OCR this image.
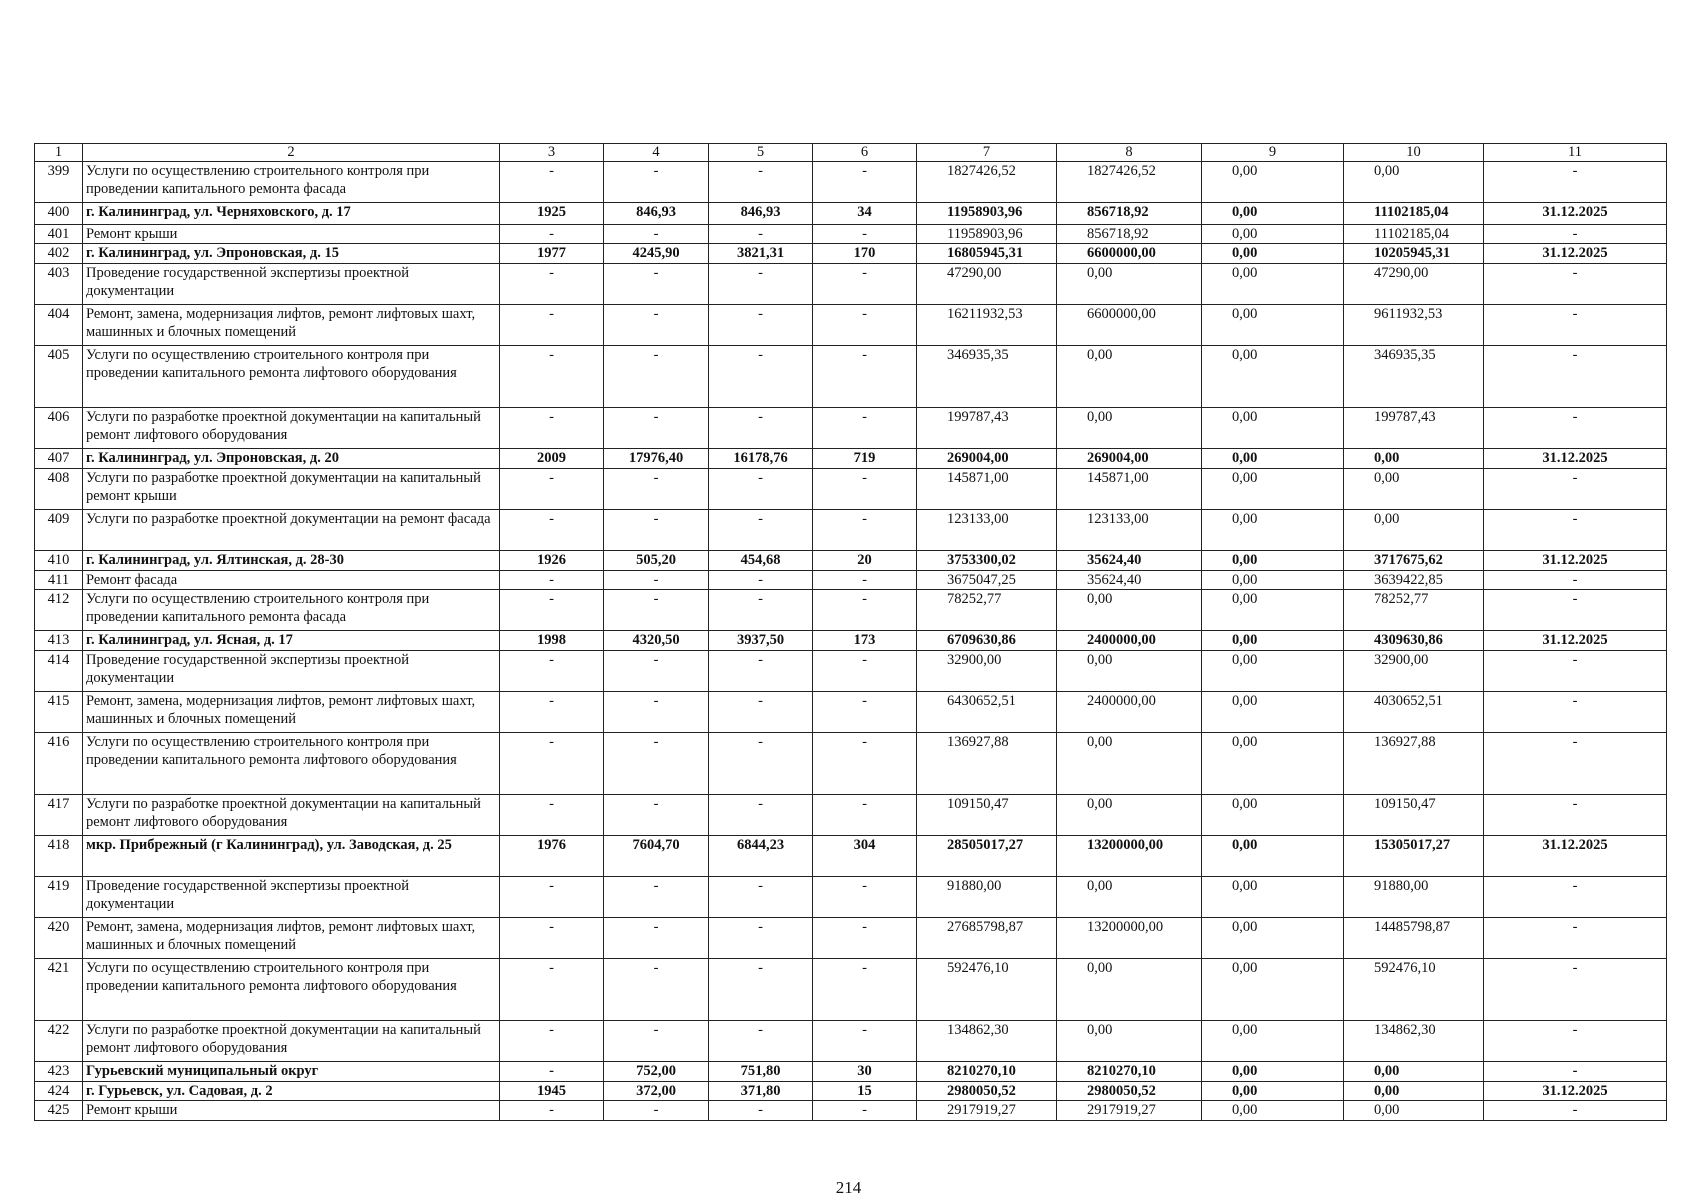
1	2	3	4	5	6	7	8	9	10	11
399	Услуги по осуществлению строительного контроля при проведении капитального ремонта фасада	-	-	-	-	1827426,52	1827426,52	0,00	0,00	-
400	г. Калининград, ул. Черняховского, д. 17	1925	846,93	846,93	34	11958903,96	856718,92	0,00	11102185,04	31.12.2025
401	Ремонт крыши	-	-	-	-	11958903,96	856718,92	0,00	11102185,04	-
402	г. Калининград, ул. Эпроновская, д. 15	1977	4245,90	3821,31	170	16805945,31	6600000,00	0,00	10205945,31	31.12.2025
403	Проведение государственной экспертизы проектной документации	-	-	-	-	47290,00	0,00	0,00	47290,00	-
404	Ремонт, замена, модернизация лифтов, ремонт лифтовых шахт, машинных и блочных помещений	-	-	-	-	16211932,53	6600000,00	0,00	9611932,53	-
405	Услуги по осуществлению строительного контроля при проведении капитального ремонта лифтового оборудования	-	-	-	-	346935,35	0,00	0,00	346935,35	-
406	Услуги по разработке проектной документации на капитальный ремонт лифтового оборудования	-	-	-	-	199787,43	0,00	0,00	199787,43	-
407	г. Калининград, ул. Эпроновская, д. 20	2009	17976,40	16178,76	719	269004,00	269004,00	0,00	0,00	31.12.2025
408	Услуги по разработке проектной документации на капитальный ремонт крыши	-	-	-	-	145871,00	145871,00	0,00	0,00	-
409	Услуги по разработке проектной документации на ремонт фасада	-	-	-	-	123133,00	123133,00	0,00	0,00	-
410	г. Калининград, ул. Ялтинская, д. 28-30	1926	505,20	454,68	20	3753300,02	35624,40	0,00	3717675,62	31.12.2025
411	Ремонт фасада	-	-	-	-	3675047,25	35624,40	0,00	3639422,85	-
412	Услуги по осуществлению строительного контроля при проведении капитального ремонта фасада	-	-	-	-	78252,77	0,00	0,00	78252,77	-
413	г. Калининград, ул. Ясная, д. 17	1998	4320,50	3937,50	173	6709630,86	2400000,00	0,00	4309630,86	31.12.2025
414	Проведение государственной экспертизы проектной документации	-	-	-	-	32900,00	0,00	0,00	32900,00	-
415	Ремонт, замена, модернизация лифтов, ремонт лифтовых шахт, машинных и блочных помещений	-	-	-	-	6430652,51	2400000,00	0,00	4030652,51	-
416	Услуги по осуществлению строительного контроля при проведении капитального ремонта лифтового оборудования	-	-	-	-	136927,88	0,00	0,00	136927,88	-
417	Услуги по разработке проектной документации на капитальный ремонт лифтового оборудования	-	-	-	-	109150,47	0,00	0,00	109150,47	-
418	мкр. Прибрежный (г Калининград), ул. Заводская, д. 25	1976	7604,70	6844,23	304	28505017,27	13200000,00	0,00	15305017,27	31.12.2025
419	Проведение государственной экспертизы проектной документации	-	-	-	-	91880,00	0,00	0,00	91880,00	-
420	Ремонт, замена, модернизация лифтов, ремонт лифтовых шахт, машинных и блочных помещений	-	-	-	-	27685798,87	13200000,00	0,00	14485798,87	-
421	Услуги по осуществлению строительного контроля при проведении капитального ремонта лифтового оборудования	-	-	-	-	592476,10	0,00	0,00	592476,10	-
422	Услуги по разработке проектной документации на капитальный ремонт лифтового оборудования	-	-	-	-	134862,30	0,00	0,00	134862,30	-
423	Гурьевский муниципальный округ	-	752,00	751,80	30	8210270,10	8210270,10	0,00	0,00	-
424	г. Гурьевск, ул. Садовая, д. 2	1945	372,00	371,80	15	2980050,52	2980050,52	0,00	0,00	31.12.2025
425	Ремонт крыши	-	-	-	-	2917919,27	2917919,27	0,00	0,00	-
214
